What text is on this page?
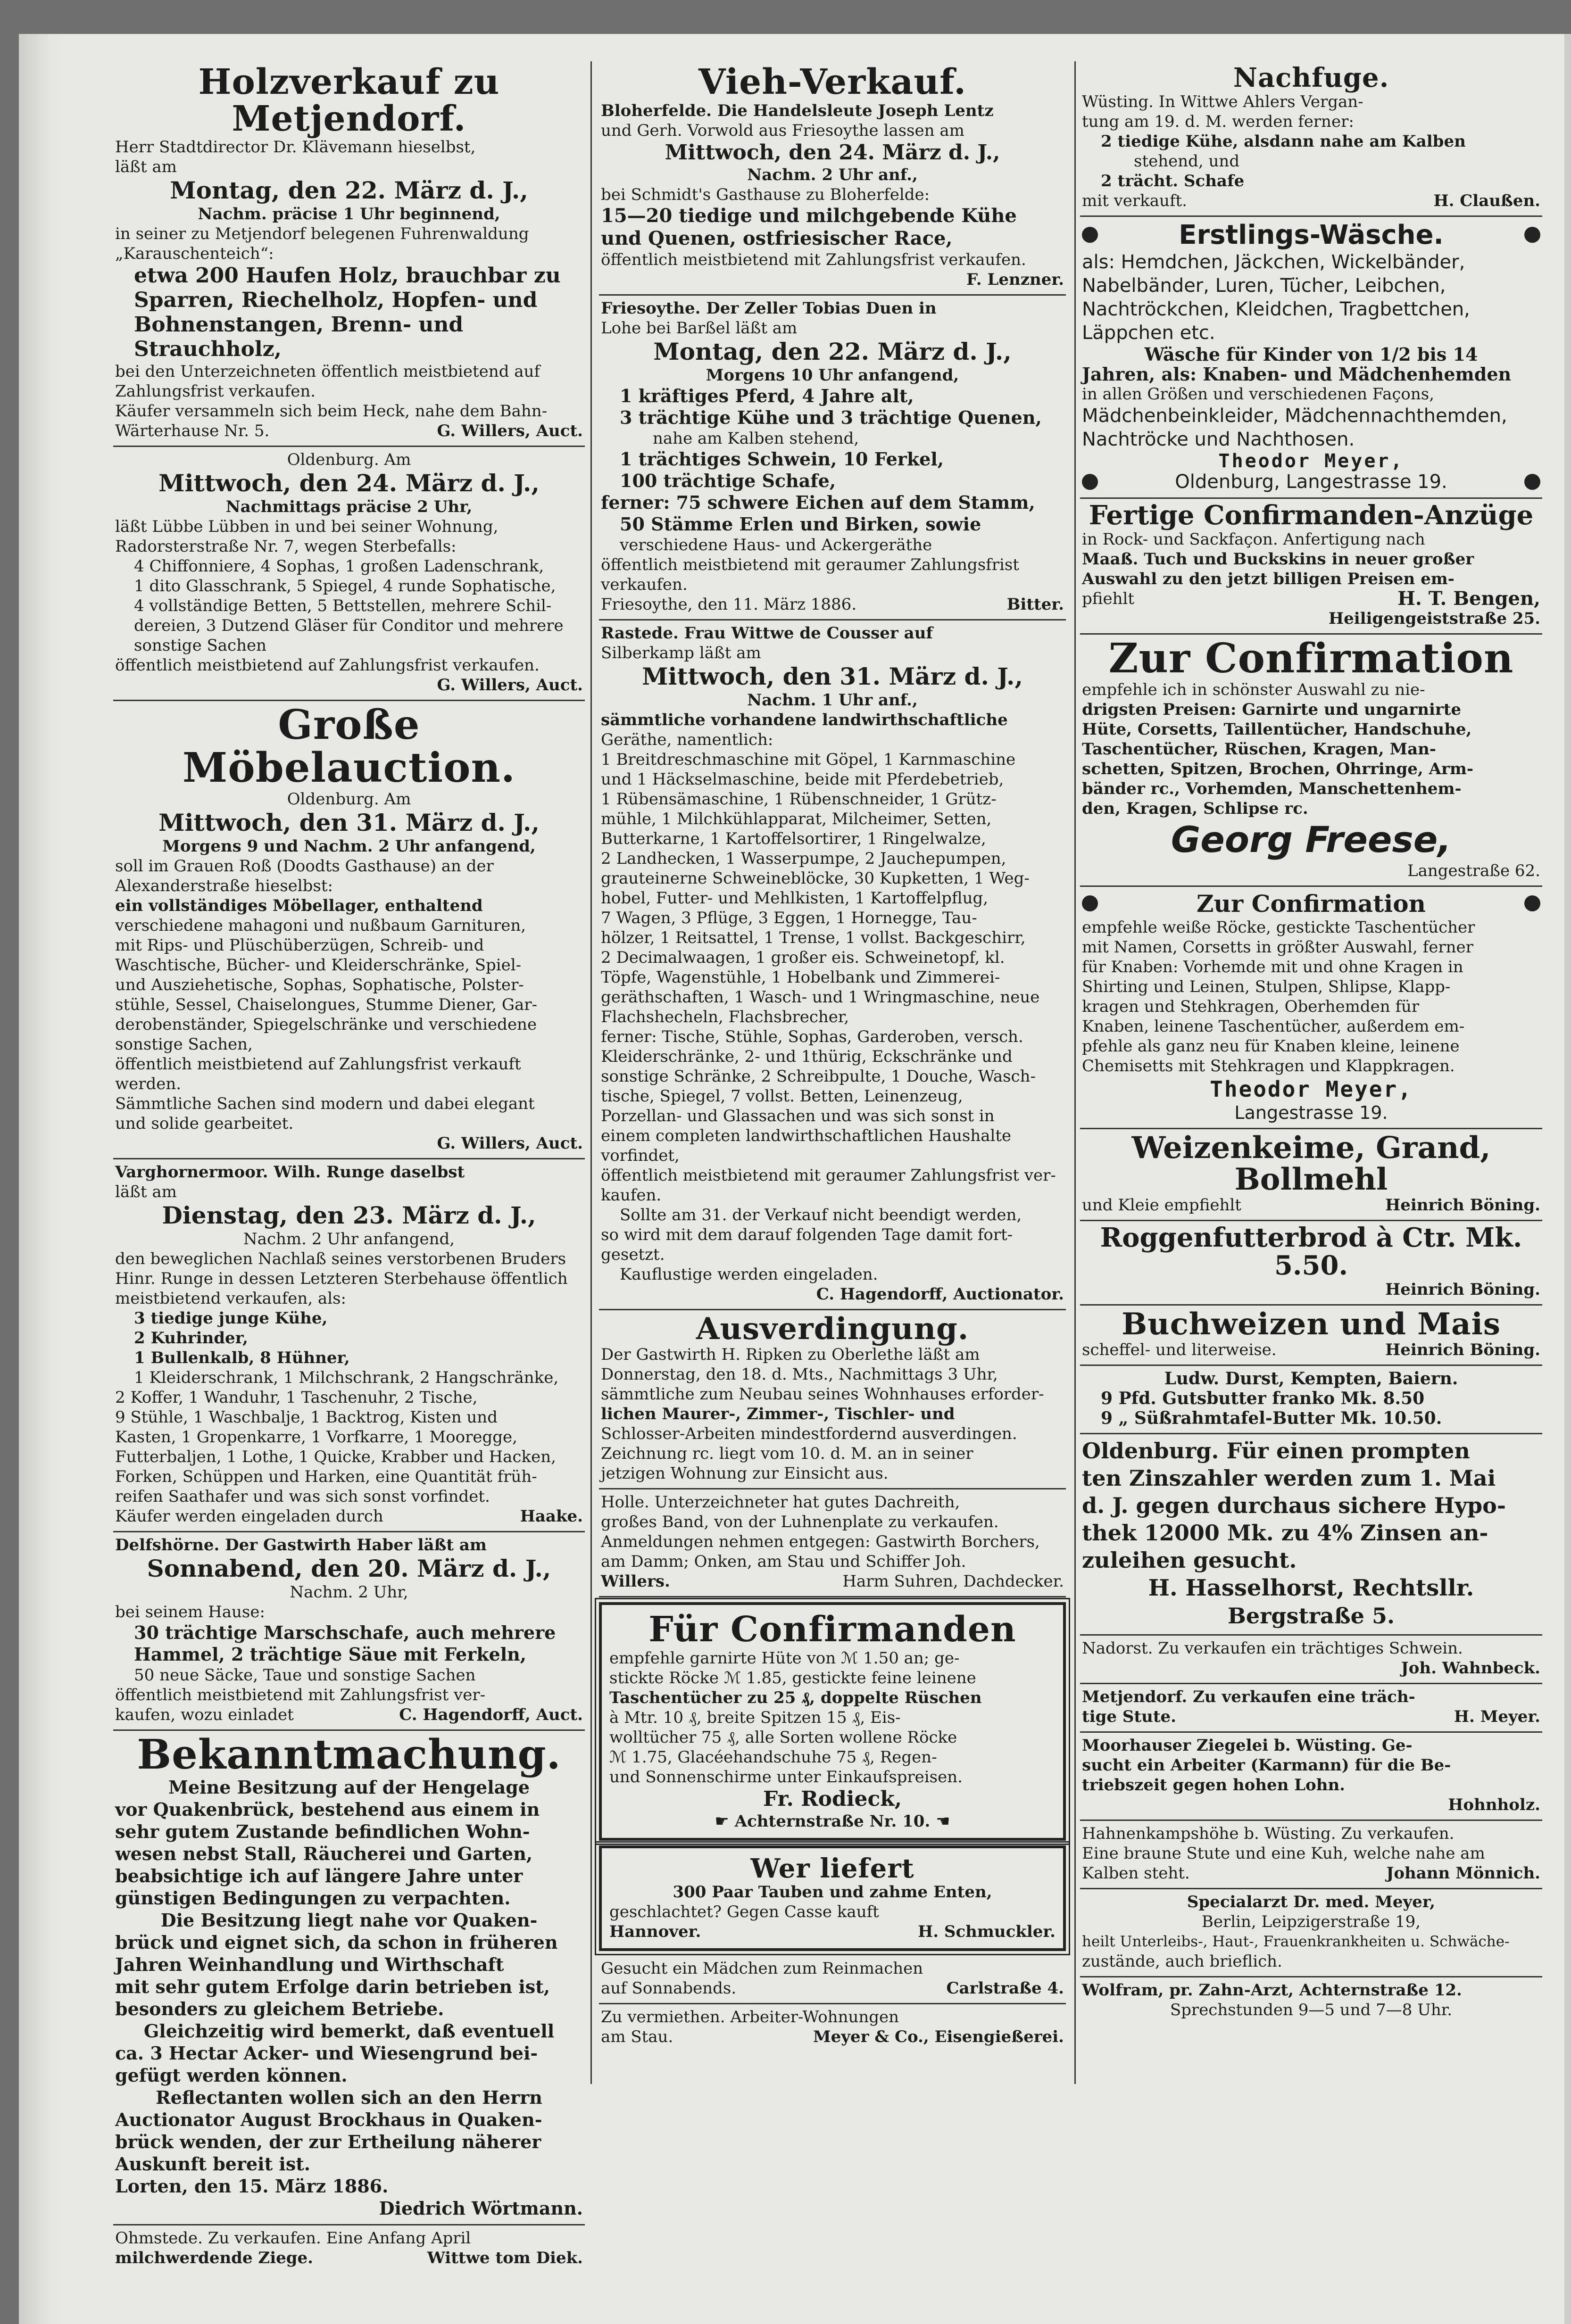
Holzverkauf zu Metjendorf.

Herr Stadtdirector Dr. Klävemann hieselbst,

läßt am

Montag, den 22. März d. J.,

Nachm. präcise 1 Uhr beginnend,

in seiner zu Metjendorf belegenen Fuhrenwaldung

„Karauschenteich“:

etwa 200 Haufen Holz, brauchbar zu

Sparren, Riechelholz, Hopfen- und

Bohnenstangen, Brenn- und Strauchholz,

bei den Unterzeichneten öffentlich meistbietend auf

Zahlungsfrist verkaufen.

Käufer versammeln sich beim Heck, nahe dem Bahn-

Wärterhause Nr. 5.	G. Willers, Auct.

Oldenburg. Am

Mittwoch, den 24. März d. J.,

Nachmittags präcise 2 Uhr,

läßt Lübbe Lübben in und bei seiner Wohnung,

Radorsterstraße Nr. 7, wegen Sterbefalls:

4 Chiffonniere, 4 Sophas, 1 großen Ladenschrank,

1 dito Glasschrank, 5 Spiegel, 4 runde Sophatische,

4 vollständige Betten, 5 Bettstellen, mehrere Schil-

dereien, 3 Dutzend Gläser für Conditor und mehrere

sonstige Sachen

öffentlich meistbietend auf Zahlungsfrist verkaufen.

G. Willers, Auct.

Große Möbelauction.

Oldenburg. Am

Mittwoch, den 31. März d. J.,

Morgens 9 und Nachm. 2 Uhr anfangend,

soll im Grauen Roß (Doodts Gasthause) an der

Alexanderstraße hieselbst:

ein vollständiges Möbellager, enthaltend

verschiedene mahagoni und nußbaum Garnituren,

mit Rips- und Plüschüberzügen, Schreib- und

Waschtische, Bücher- und Kleiderschränke, Spiel-

und Ausziehetische, Sophas, Sophatische, Polster-

stühle, Sessel, Chaiselongues, Stumme Diener, Gar-

derobenständer, Spiegelschränke und verschiedene

sonstige Sachen,

öffentlich meistbietend auf Zahlungsfrist verkauft werden.

Sämmtliche Sachen sind modern und dabei elegant

und solide gearbeitet.

G. Willers, Auct.

Varghornermoor. Wilh. Runge daselbst

läßt am

Dienstag, den 23. März d. J.,

Nachm. 2 Uhr anfangend,

den beweglichen Nachlaß seines verstorbenen Bruders

Hinr. Runge in dessen Letzteren Sterbehause öffentlich

meistbietend verkaufen, als:

3 tiedige junge Kühe,

2 Kuhrinder,

1 Bullenkalb, 8 Hühner,

1 Kleiderschrank, 1 Milchschrank, 2 Hangschränke,

2 Koffer, 1 Wanduhr, 1 Taschenuhr, 2 Tische,

9 Stühle, 1 Waschbalje, 1 Backtrog, Kisten und

Kasten, 1 Gropenkarre, 1 Vorfkarre, 1 Mooregge,

Futterbaljen, 1 Lothe, 1 Quicke, Krabber und Hacken,

Forken, Schüppen und Harken, eine Quantität früh-

reifen Saathafer und was sich sonst vorfindet.

Käufer werden eingeladen durch	Haake.

Delfshörne. Der Gastwirth Haber läßt am

Sonnabend, den 20. März d. J.,

Nachm. 2 Uhr,

bei seinem Hause:

30 trächtige Marschschafe, auch mehrere

Hammel, 2 trächtige Säue mit Ferkeln,

50 neue Säcke, Taue und sonstige Sachen

öffentlich meistbietend mit Zahlungsfrist ver-

kaufen, wozu einladet	C. Hagendorff, Auct.

Bekanntmachung.

Meine Besitzung auf der Hengelage

vor Quakenbrück, bestehend aus einem in

sehr gutem Zustande befindlichen Wohn-

wesen nebst Stall, Räucherei und Garten,

beabsichtige ich auf längere Jahre unter

günstigen Bedingungen zu verpachten.

Die Besitzung liegt nahe vor Quaken-

brück und eignet sich, da schon in früheren

Jahren Weinhandlung und Wirthschaft

mit sehr gutem Erfolge darin betrieben ist,

besonders zu gleichem Betriebe.

Gleichzeitig wird bemerkt, daß eventuell

ca. 3 Hectar Acker- und Wiesengrund bei-

gefügt werden können.

Reflectanten wollen sich an den Herrn

Auctionator August Brockhaus in Quaken-

brück wenden, der zur Ertheilung näherer

Auskunft bereit ist.

Lorten, den 15. März 1886.

Diedrich Wörtmann.

Ohmstede. Zu verkaufen. Eine Anfang April

milchwerdende Ziege.	Wittwe tom Diek.

Vieh-Verkauf.

Bloherfelde. Die Handelsleute Joseph Lentz

und Gerh. Vorwold aus Friesoythe lassen am

Mittwoch, den 24. März d. J.,

Nachm. 2 Uhr anf.,

bei Schmidt's Gasthause zu Bloherfelde:

15—20 tiedige und milchgebende Kühe

und Quenen, ostfriesischer Race,

öffentlich meistbietend mit Zahlungsfrist verkaufen.

F. Lenzner.

Friesoythe. Der Zeller Tobias Duen in

Lohe bei Barßel läßt am

Montag, den 22. März d. J.,

Morgens 10 Uhr anfangend,

1 kräftiges Pferd, 4 Jahre alt,

3 trächtige Kühe und 3 trächtige Quenen,

nahe am Kalben stehend,

1 trächtiges Schwein, 10 Ferkel,

100 trächtige Schafe,

ferner: 75 schwere Eichen auf dem Stamm,

50 Stämme Erlen und Birken, sowie

verschiedene Haus- und Ackergeräthe

öffentlich meistbietend mit geraumer Zahlungsfrist

verkaufen.

Friesoythe, den 11. März 1886.	Bitter.

Rastede. Frau Wittwe de Cousser auf

Silberkamp läßt am

Mittwoch, den 31. März d. J.,

Nachm. 1 Uhr anf.,

sämmtliche vorhandene landwirthschaftliche

Geräthe, namentlich:

1 Breitdreschmaschine mit Göpel, 1 Karnmaschine

und 1 Häckselmaschine, beide mit Pferdebetrieb,

1 Rübensämaschine, 1 Rübenschneider, 1 Grütz-

mühle, 1 Milchkühlapparat, Milcheimer, Setten,

Butterkarne, 1 Kartoffelsortirer, 1 Ringelwalze,

2 Landhecken, 1 Wasserpumpe, 2 Jauchepumpen,

grauteinerne Schweineblöcke, 30 Kupketten, 1 Weg-

hobel, Futter- und Mehlkisten, 1 Kartoffelpflug,

7 Wagen, 3 Pflüge, 3 Eggen, 1 Hornegge, Tau-

hölzer, 1 Reitsattel, 1 Trense, 1 vollst. Backgeschirr,

2 Decimalwaagen, 1 großer eis. Schweinetopf, kl.

Töpfe, Wagenstühle, 1 Hobelbank und Zimmerei-

geräthschaften, 1 Wasch- und 1 Wringmaschine, neue

Flachshecheln, Flachsbrecher,

ferner: Tische, Stühle, Sophas, Garderoben, versch.

Kleiderschränke, 2- und 1thürig, Eckschränke und

sonstige Schränke, 2 Schreibpulte, 1 Douche, Wasch-

tische, Spiegel, 7 vollst. Betten, Leinenzeug,

Porzellan- und Glassachen und was sich sonst in

einem completen landwirthschaftlichen Haushalte

vorfindet,

öffentlich meistbietend mit geraumer Zahlungsfrist ver-

kaufen.

Sollte am 31. der Verkauf nicht beendigt werden,

so wird mit dem darauf folgenden Tage damit fort-

gesetzt.

Kauflustige werden eingeladen.

C. Hagendorff, Auctionator.

Ausverdingung.

Der Gastwirth H. Ripken zu Oberlethe läßt am

Donnerstag, den 18. d. Mts., Nachmittags 3 Uhr,

sämmtliche zum Neubau seines Wohnhauses erforder-

lichen Maurer-, Zimmer-, Tischler- und

Schlosser-Arbeiten mindestfordernd ausverdingen.

Zeichnung rc. liegt vom 10. d. M. an in seiner

jetzigen Wohnung zur Einsicht aus.

Holle. Unterzeichneter hat gutes Dachreith,

großes Band, von der Luhnenplate zu verkaufen.

Anmeldungen nehmen entgegen: Gastwirth Borchers,

am Damm; Onken, am Stau und Schiffer Joh.

Willers.	Harm Suhren, Dachdecker.

Für Confirmanden

empfehle garnirte Hüte von ℳ 1.50 an; ge-

stickte Röcke ℳ 1.85, gestickte feine leinene

Taschentücher zu 25 ₰, doppelte Rüschen

à Mtr. 10 ₰, breite Spitzen 15 ₰, Eis-

wolltücher 75 ₰, alle Sorten wollene Röcke

ℳ 1.75, Glacéehandschuhe 75 ₰, Regen-

und Sonnenschirme unter Einkaufspreisen.

Fr. Rodieck,

☛ Achternstraße Nr. 10. ☚

Wer liefert

300 Paar Tauben und zahme Enten,

geschlachtet? Gegen Casse kauft

Hannover.	H. Schmuckler.

Gesucht ein Mädchen zum Reinmachen

auf Sonnabends.	Carlstraße 4.

Zu vermiethen. Arbeiter-Wohnungen

am Stau.	Meyer & Co., Eisengießerei.

Nachfuge.

Wüsting. In Wittwe Ahlers Vergan-

tung am 19. d. M. werden ferner:

2 tiedige Kühe, alsdann nahe am Kalben

stehend, und

2 trächt. Schafe

mit verkauft.	H. Claußen.
Erstlings-Wäsche.

als: Hemdchen, Jäckchen, Wickelbänder,

Nabelbänder, Luren, Tücher, Leibchen,

Nachtröckchen, Kleidchen, Tragbettchen,

Läppchen etc.

Wäsche für Kinder von 1/2 bis 14

Jahren, als: Knaben- und Mädchenhemden

in allen Größen und verschiedenen Façons,

Mädchenbeinkleider, Mädchennachthemden,

Nachtröcke und Nachthosen.

Theodor Meyer,

Oldenburg, Langestrasse 19.

Fertige Confirmanden-Anzüge

in Rock- und Sackfaçon. Anfertigung nach

Maaß. Tuch und Buckskins in neuer großer

Auswahl zu den jetzt billigen Preisen em-

pfiehlt	H. T. Bengen,

Heiligengeiststraße 25.

Zur Confirmation

empfehle ich in schönster Auswahl zu nie-

drigsten Preisen: Garnirte und ungarnirte

Hüte, Corsetts, Taillentücher, Handschuhe,

Taschentücher, Rüschen, Kragen, Man-

schetten, Spitzen, Brochen, Ohrringe, Arm-

bänder rc., Vorhemden, Manschettenhem-

den, Kragen, Schlipse rc.

Georg Freese,

Langestraße 62.

Zur Confirmation

empfehle weiße Röcke, gestickte Taschentücher

mit Namen, Corsetts in größter Auswahl, ferner

für Knaben: Vorhemde mit und ohne Kragen in

Shirting und Leinen, Stulpen, Shlipse, Klapp-

kragen und Stehkragen, Oberhemden für

Knaben, leinene Taschentücher, außerdem em-

pfehle als ganz neu für Knaben kleine, leinene

Chemisetts mit Stehkragen und Klappkragen.

Theodor Meyer,

Langestrasse 19.

Weizenkeime, Grand, Bollmehl

und Kleie empfiehlt	Heinrich Böning.

Roggenfutterbrod à Ctr. Mk. 5.50.

Heinrich Böning.

Buchweizen und Mais

scheffel- und literweise.	Heinrich Böning.

Ludw. Durst, Kempten, Baiern.

9 Pfd. Gutsbutter franko Mk. 8.50

9 „ Süßrahmtafel-Butter Mk. 10.50.

Oldenburg. Für einen prompten

ten Zinszahler werden zum 1. Mai

d. J. gegen durchaus sichere Hypo-

thek 12000 Mk. zu 4% Zinsen an-

zuleihen gesucht.

H. Hasselhorst, Rechtsllr.

Bergstraße 5.

Nadorst. Zu verkaufen ein trächtiges Schwein.

Joh. Wahnbeck.

Metjendorf. Zu verkaufen eine träch-

tige Stute.	H. Meyer.

Moorhauser Ziegelei b. Wüsting. Ge-

sucht ein Arbeiter (Karmann) für die Be-

triebszeit gegen hohen Lohn.

Hohnholz.

Hahnenkampshöhe b. Wüsting. Zu verkaufen.

Eine braune Stute und eine Kuh, welche nahe am

Kalben steht.	Johann Mönnich.

Specialarzt Dr. med. Meyer,

Berlin, Leipzigerstraße 19,

heilt Unterleibs-, Haut-, Frauenkrankheiten u. Schwäche-

zustände, auch brieflich.

Wolfram, pr. Zahn-Arzt, Achternstraße 12.

Sprechstunden 9—5 und 7—8 Uhr.
